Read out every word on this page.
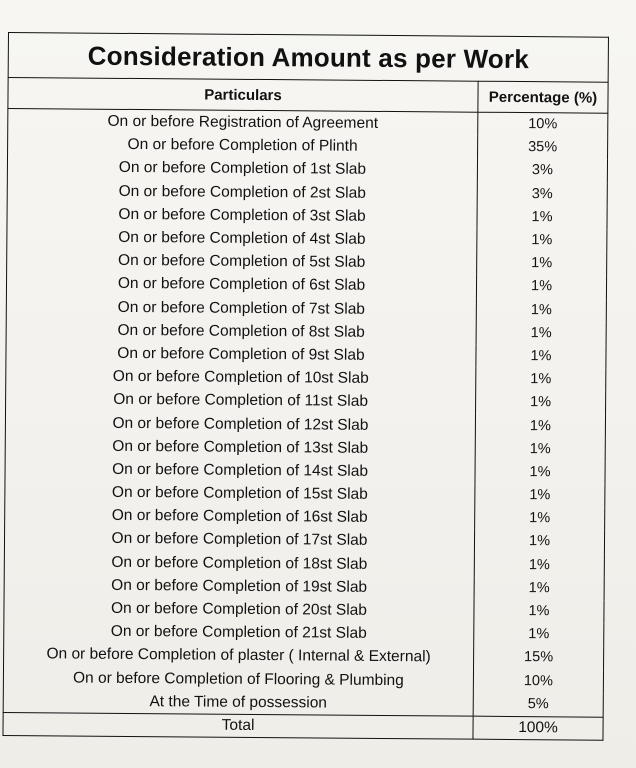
Consideration Amount as per Work	
Particulars	Percentage (%)
On or before Registration of Agreement	10%
On or before Completion of Plinth	35%
On or before Completion of 1st Slab	3%
On or before Completion of 2st Slab	3%
On or before Completion of 3st Slab	1%
On or before Completion of 4st Slab	1%
On or before Completion of 5st Slab	1%
On or before Completion of 6st Slab	1%
On or before Completion of 7st Slab	1%
On or before Completion of 8st Slab	1%
On or before Completion of 9st Slab	1%
On or before Completion of 10st Slab	1%
On or before Completion of 11st Slab	1%
On or before Completion of 12st Slab	1%
On or before Completion of 13st Slab	1%
On or before Completion of 14st Slab	1%
On or before Completion of 15st Slab	1%
On or before Completion of 16st Slab	1%
On or before Completion of 17st Slab	1%
On or before Completion of 18st Slab	1%
On or before Completion of 19st Slab	1%
On or before Completion of 20st Slab	1%
On or before Completion of 21st Slab	1%
On or before Completion of plaster ( Internal & External)	15%
On or before Completion of Flooring & Plumbing	10%
At the Time of possession	5%
Total	100%
